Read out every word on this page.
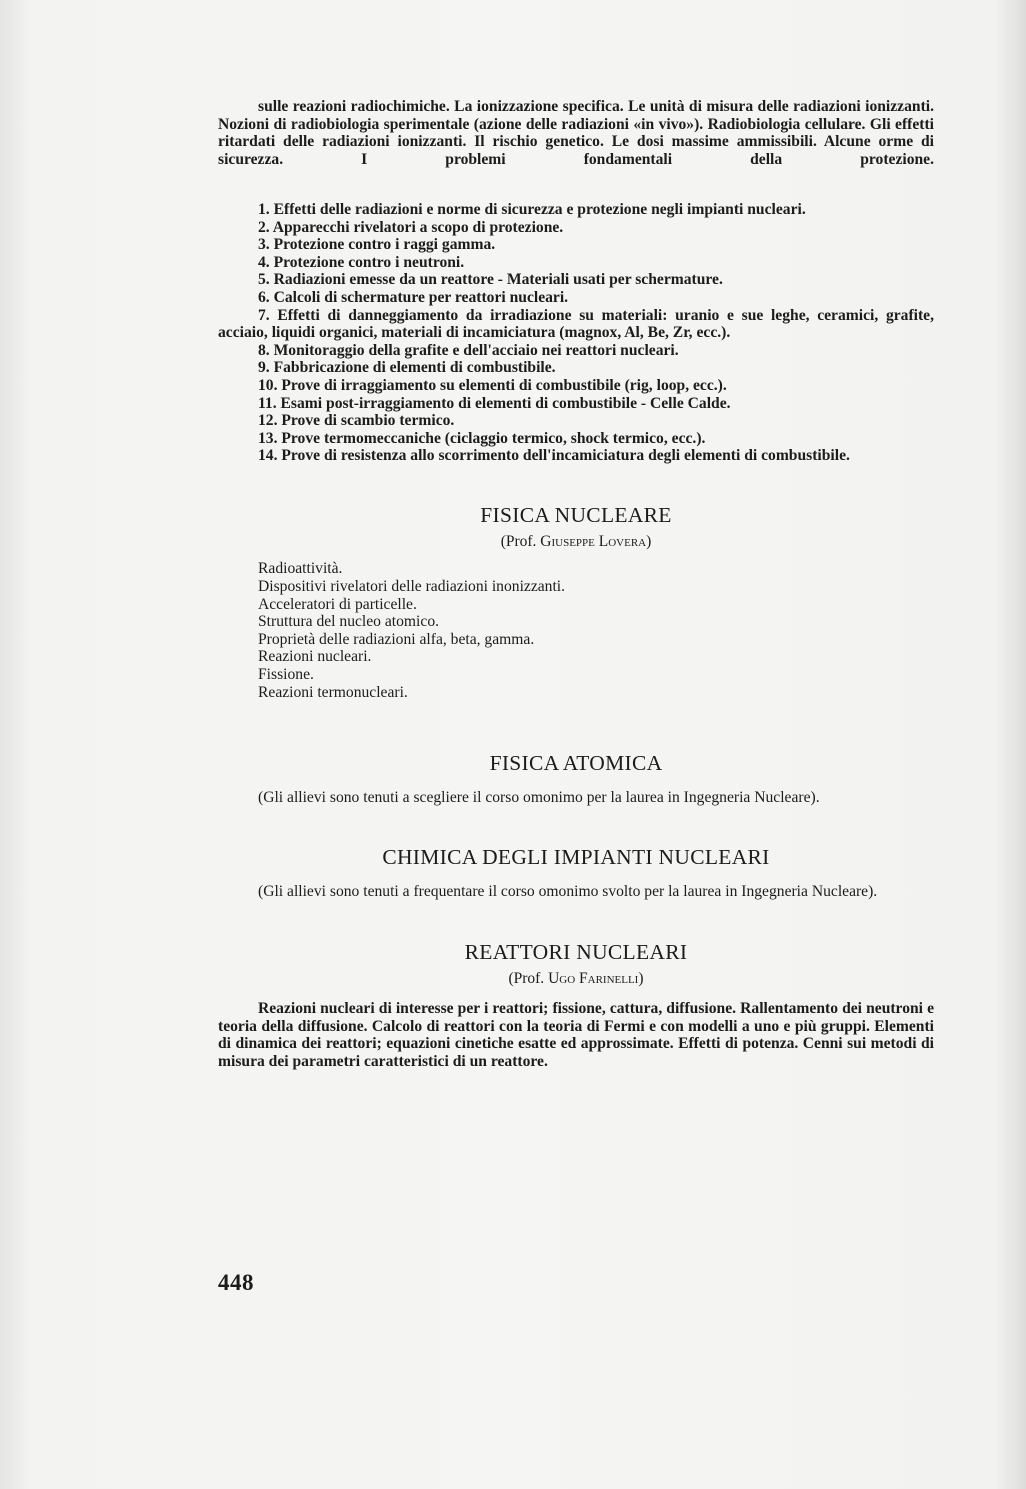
sulle reazioni radiochimiche. La ionizzazione specifica. Le unità di misura delle radiazioni ionizzanti. Nozioni di radiobiologia sperimentale (azione delle radiazioni «in vivo»). Radiobiologia cellulare. Gli effetti ritardati delle radiazioni ionizzanti. Il rischio genetico. Le dosi massime ammissibili. Alcune orme di sicurezza. I problemi fondamentali della protezione.

1. Effetti delle radiazioni e norme di sicurezza e protezione negli impianti nucleari.
2. Apparecchi rivelatori a scopo di protezione.
3. Protezione contro i raggi gamma.
4. Protezione contro i neutroni.
5. Radiazioni emesse da un reattore - Materiali usati per schermature.
6. Calcoli di schermature per reattori nucleari.
7. Effetti di danneggiamento da irradiazione su materiali: uranio e sue leghe, ceramici, grafite, acciaio, liquidi organici, materiali di incamiciatura (magnox, Al, Be, Zr, ecc.).
8. Monitoraggio della grafite e dell'acciaio nei reattori nucleari.
9. Fabbricazione di elementi di combustibile.
10. Prove di irraggiamento su elementi di combustibile (rig, loop, ecc.).
11. Esami post-irraggiamento di elementi di combustibile - Celle Calde.
12. Prove di scambio termico.
13. Prove termomeccaniche (ciclaggio termico, shock termico, ecc.).
14. Prove di resistenza allo scorrimento dell'incamiciatura degli elementi di combustibile.
FISICA NUCLEARE

(Prof. Giuseppe Lovera)

Radioattività.
Dispositivi rivelatori delle radiazioni inonizzanti.
Acceleratori di particelle.
Struttura del nucleo atomico.
Proprietà delle radiazioni alfa, beta, gamma.
Reazioni nucleari.
Fissione.
Reazioni termonucleari.
FISICA ATOMICA

(Gli allievi sono tenuti a scegliere il corso omonimo per la laurea in Ingegneria Nucleare).

CHIMICA DEGLI IMPIANTI NUCLEARI

(Gli allievi sono tenuti a frequentare il corso omonimo svolto per la laurea in Ingegneria Nucleare).

REATTORI NUCLEARI

(Prof. Ugo Farinelli)

Reazioni nucleari di interesse per i reattori; fissione, cattura, diffusione. Rallentamento dei neutroni e teoria della diffusione. Calcolo di reattori con la teoria di Fermi e con modelli a uno e più gruppi. Elementi di dinamica dei reattori; equazioni cinetiche esatte ed approssimate. Effetti di potenza. Cenni sui metodi di misura dei parametri caratteristici di un reattore.

448
